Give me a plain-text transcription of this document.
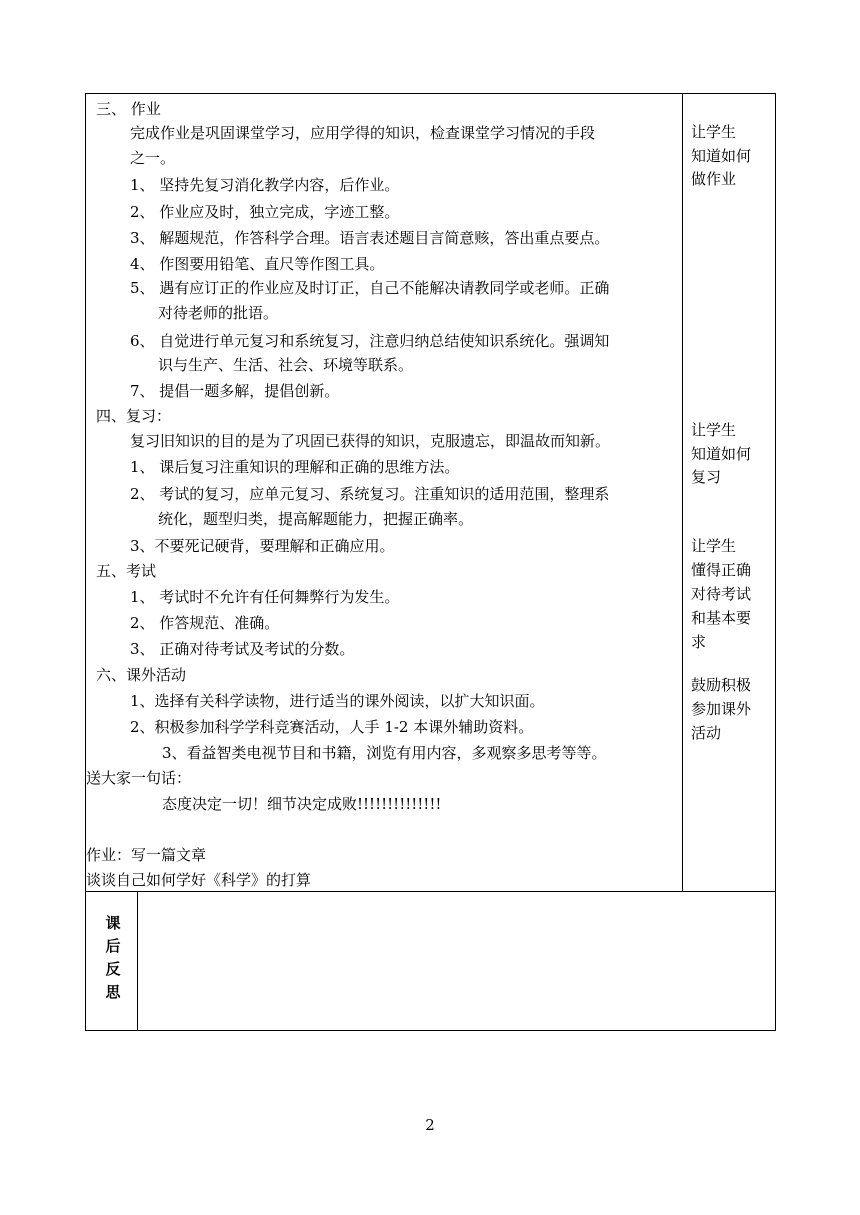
三、 作业
完成作业是巩固课堂学习，应用学得的知识，检查课堂学习情况的手段
之一。
1、 坚持先复习消化教学内容，后作业。
2、 作业应及时，独立完成，字迹工整。
3、 解题规范，作答科学合理。语言表述题目言简意赅，答出重点要点。
4、 作图要用铅笔、直尺等作图工具。
5、 遇有应订正的作业应及时订正，自己不能解决请教同学或老师。正确
对待老师的批语。
6、 自觉进行单元复习和系统复习，注意归纳总结使知识系统化。强调知
识与生产、生活、社会、环境等联系。
7、 提倡一题多解，提倡创新。
四、复习：
复习旧知识的目的是为了巩固已获得的知识，克服遗忘，即温故而知新。
1、 课后复习注重知识的理解和正确的思维方法。
2、 考试的复习，应单元复习、系统复习。注重知识的适用范围，整理系
统化，题型归类，提高解题能力，把握正确率。
3、不要死记硬背，要理解和正确应用。
五、考试
1、 考试时不允许有任何舞弊行为发生。
2、 作答规范、准确。
3、 正确对待考试及考试的分数。
六、课外活动
1、选择有关科学读物，进行适当的课外阅读，以扩大知识面。
2、积极参加科学学科竞赛活动，人手 1-2 本课外辅助资料。
3、看益智类电视节目和书籍，浏览有用内容，多观察多思考等等。
送大家一句话：
态度决定一切！细节决定成败!!!!!!!!!!!!!!
作业：写一篇文章
谈谈自己如何学好《科学》的打算
让学生
知道如何
做作业
让学生
知道如何
复习
让学生
懂得正确
对待考试
和基本要
求
鼓励积极
参加课外
活动
课后反思
2
